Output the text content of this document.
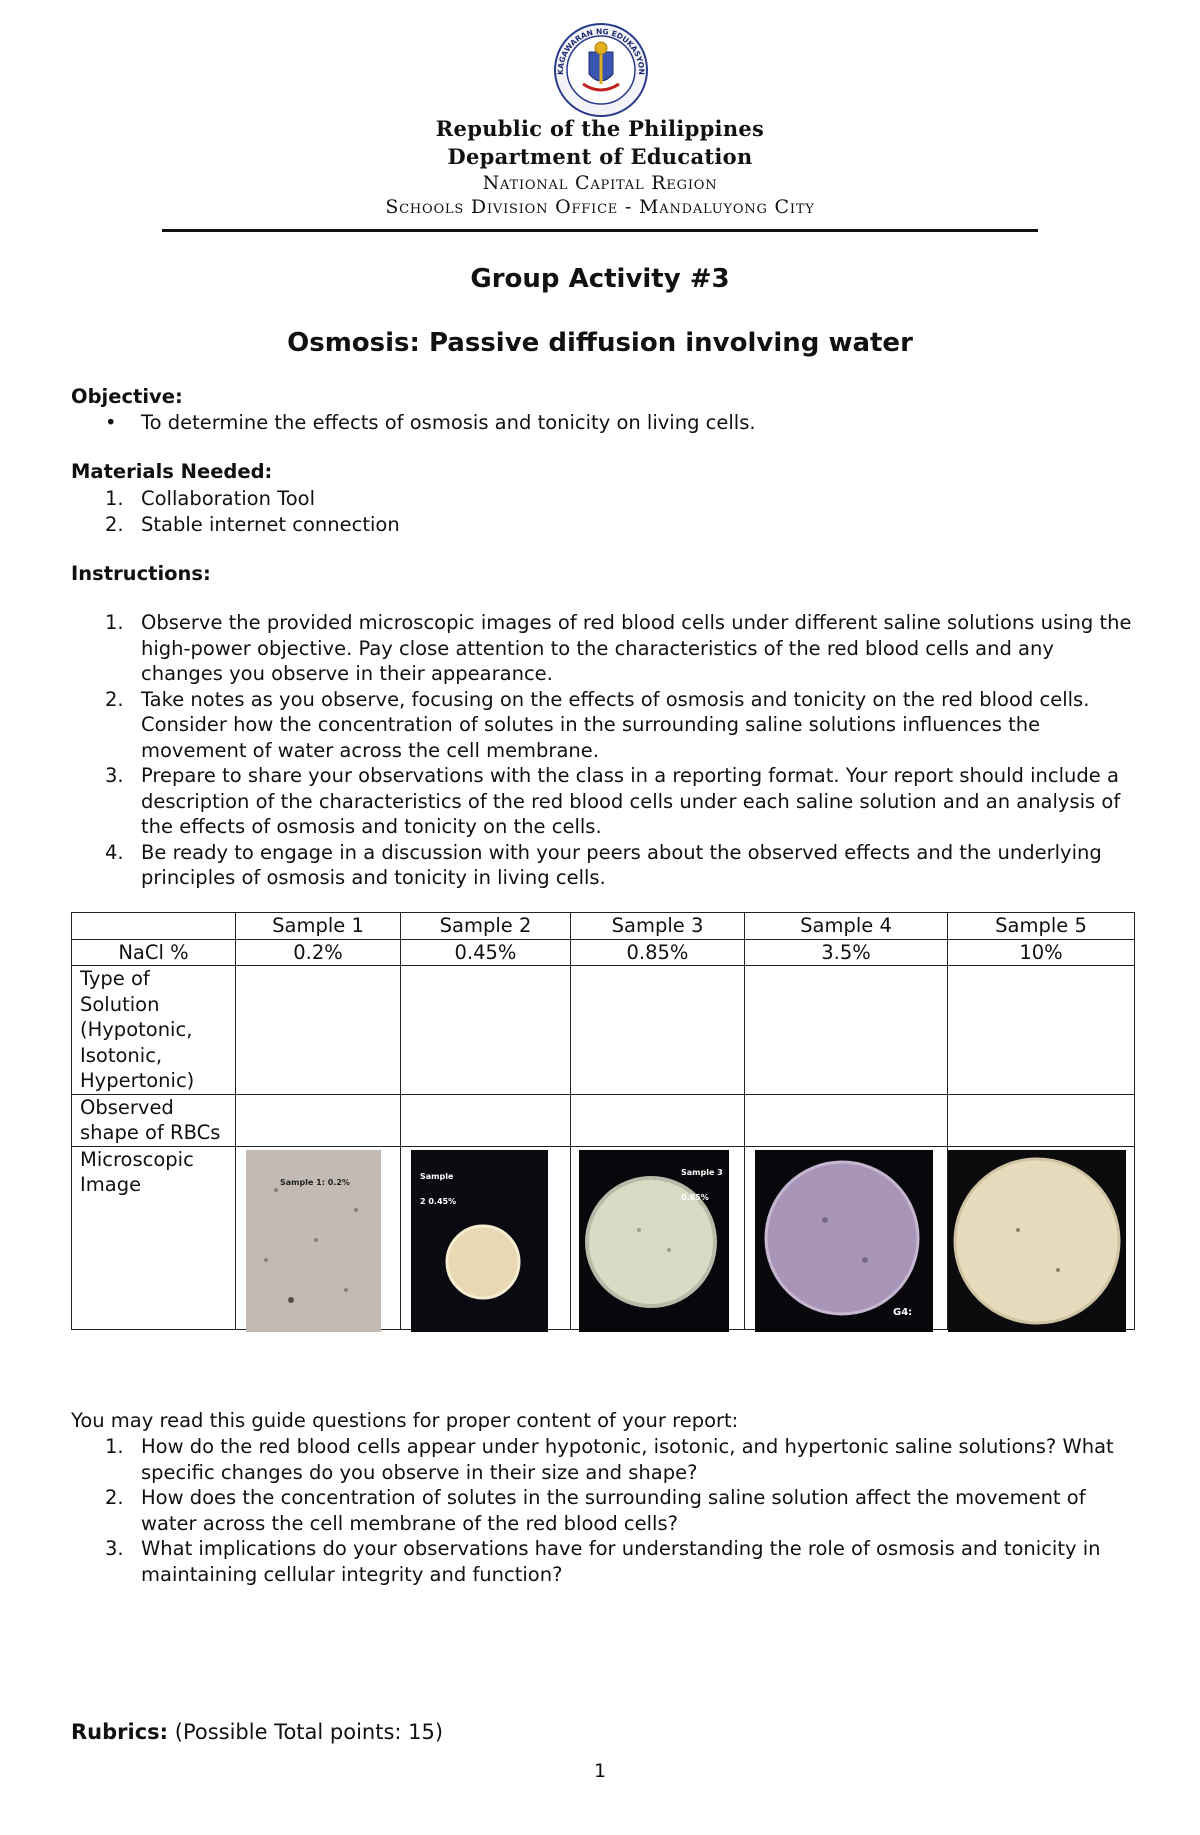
KAGAWARAN NG EDUKASYON
Republic of the Philippines
Department of Education
National Capital Region
Schools Division Office - Mandaluyong City
Group Activity #3
Osmosis: Passive diffusion involving water
Objective:
• To determine the effects of osmosis and tonicity on living cells.
Materials Needed:
1. Collaboration Tool
2. Stable internet connection
Instructions:
1. Observe the provided microscopic images of red blood cells under different saline solutions using the high-power objective. Pay close attention to the characteristics of the red blood cells and any changes you observe in their appearance.
2. Take notes as you observe, focusing on the effects of osmosis and tonicity on the red blood cells. Consider how the concentration of solutes in the surrounding saline solutions influences the movement of water across the cell membrane.
3. Prepare to share your observations with the class in a reporting format. Your report should include a description of the characteristics of the red blood cells under each saline solution and an analysis of the effects of osmosis and tonicity on the cells.
4. Be ready to engage in a discussion with your peers about the observed effects and the underlying principles of osmosis and tonicity in living cells.
	Sample 1	Sample 2	Sample 3	Sample 4	Sample 5
NaCl %	0.2%	0.45%	0.85%	3.5%	10%
Type of Solution (Hypotonic, Isotonic, Hypertonic)					
Observed shape of RBCs					
Microscopic Image	Sample 1: 0.2%	Sample 2 0.45%	Sample 3 0.85%	G4: 3.5%

You may read this guide questions for proper content of your report:
1. How do the red blood cells appear under hypotonic, isotonic, and hypertonic saline solutions? What specific changes do you observe in their size and shape?
2. How does the concentration of solutes in the surrounding saline solution affect the movement of water across the cell membrane of the red blood cells?
3. What implications do your observations have for understanding the role of osmosis and tonicity in maintaining cellular integrity and function?
Rubrics: (Possible Total points: 15)
1
